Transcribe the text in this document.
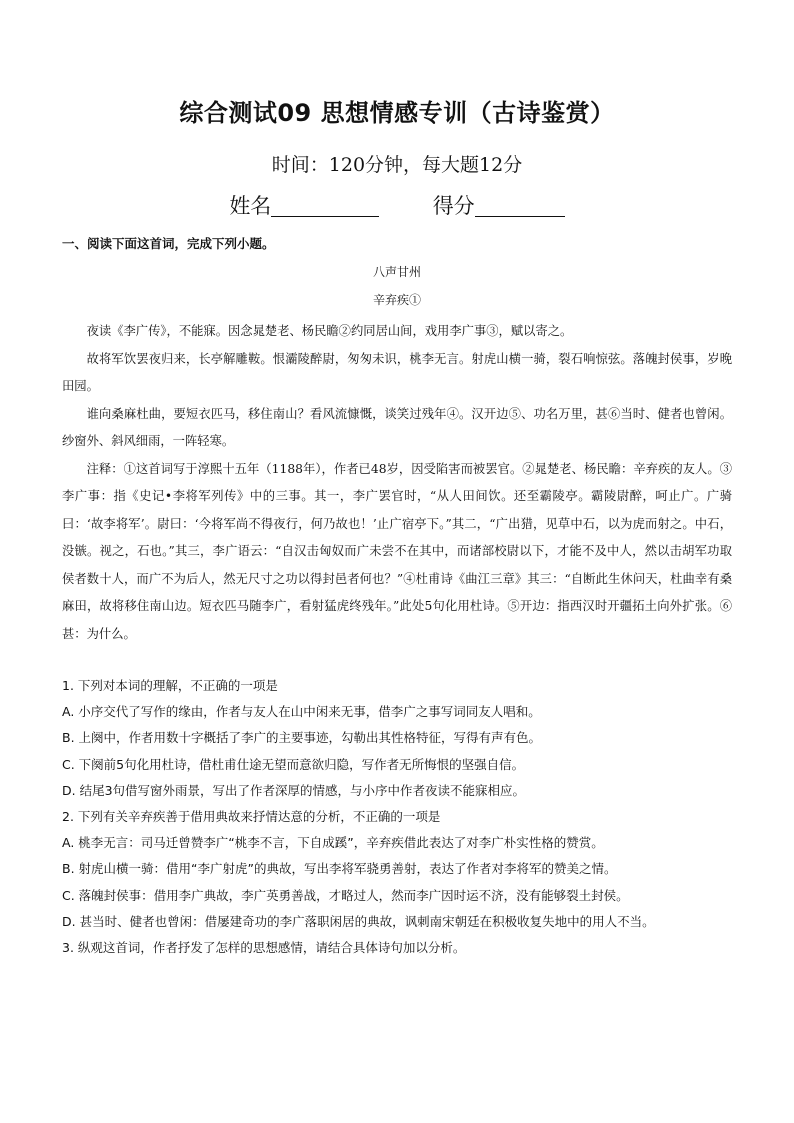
综合测试09 思想情感专训（古诗鉴赏）
时间：120分钟，每大题12分
姓名	得分
一、阅读下面这首词，完成下列小题。
八声甘州
辛弃疾①

夜读《李广传》，不能寐。因念晁楚老、杨民瞻②约同居山间，戏用李广事③，赋以寄之。

故将军饮罢夜归来，长亭解雕鞍。恨灞陵醉尉，匆匆未识，桃李无言。射虎山横一骑，裂石响惊弦。落魄封侯事，岁晚田园。

谁向桑麻杜曲，要短衣匹马，移住南山？看风流慷慨，谈笑过残年④。汉开边⑤、功名万里，甚⑥当时、健者也曾闲。纱窗外、斜风细雨，一阵轻寒。

注释：①这首词写于淳熙十五年（1188年），作者已48岁，因受陷害而被罢官。②晁楚老、杨民瞻：辛弃疾的友人。③李广事：指《史记•李将军列传》中的三事。其一，李广罢官时，“从人田间饮。还至霸陵亭。霸陵尉醉，呵止广。广骑曰：‘故李将军’。尉曰：‘今将军尚不得夜行，何乃故也！’止广宿亭下。”其二，“广出猎，见草中石，以为虎而射之。中石，没镞。视之，石也。”其三，李广语云：“自汉击匈奴而广未尝不在其中，而诸部校尉以下，才能不及中人，然以击胡军功取侯者数十人，而广不为后人，然无尺寸之功以得封邑者何也？”④杜甫诗《曲江三章》其三：“自断此生休问天，杜曲幸有桑麻田，故将移住南山边。短衣匹马随李广，看射猛虎终残年。”此处5句化用杜诗。⑤开边：指西汉时开疆拓土向外扩张。⑥甚：为什么。

1. 下列对本词的理解，不正确的一项是
A. 小序交代了写作的缘由，作者与友人在山中闲来无事，借李广之事写词同友人唱和。
B. 上阕中，作者用数十字概括了李广的主要事迹，勾勒出其性格特征，写得有声有色。
C. 下阕前5句化用杜诗，借杜甫仕途无望而意欲归隐，写作者无所悔恨的坚强自信。
D. 结尾3句借写窗外雨景，写出了作者深厚的情感，与小序中作者夜读不能寐相应。
2. 下列有关辛弃疾善于借用典故来抒情达意的分析，不正确的一项是
A. 桃李无言：司马迁曾赞李广“桃李不言，下自成蹊”，辛弃疾借此表达了对李广朴实性格的赞赏。
B. 射虎山横一骑：借用“李广射虎”的典故，写出李将军骁勇善射，表达了作者对李将军的赞美之情。
C. 落魄封侯事：借用李广典故，李广英勇善战，才略过人，然而李广因时运不济，没有能够裂土封侯。
D. 甚当时、健者也曾闲：借屡建奇功的李广落职闲居的典故，讽刺南宋朝廷在积极收复失地中的用人不当。
3. 纵观这首词，作者抒发了怎样的思想感情，请结合具体诗句加以分析。
